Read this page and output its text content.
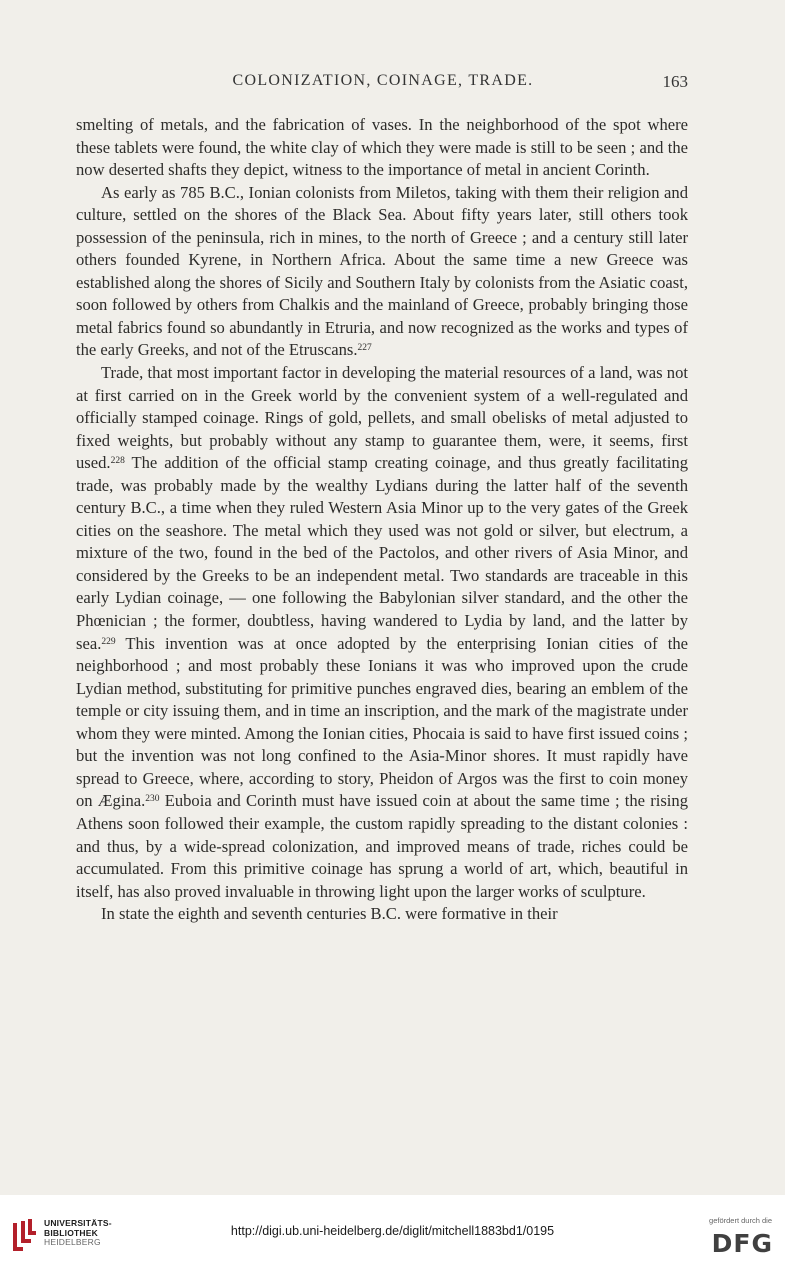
COLONIZATION, COINAGE, TRADE.	163

smelting of metals, and the fabrication of vases. In the neighborhood of the spot where these tablets were found, the white clay of which they were made is still to be seen ; and the now deserted shafts they depict, witness to the importance of metal in ancient Corinth.

As early as 785 B.C., Ionian colonists from Miletos, taking with them their religion and culture, settled on the shores of the Black Sea. About fifty years later, still others took possession of the peninsula, rich in mines, to the north of Greece ; and a century still later others founded Kyrene, in Northern Africa. About the same time a new Greece was established along the shores of Sicily and Southern Italy by colonists from the Asiatic coast, soon followed by others from Chalkis and the mainland of Greece, probably bringing those metal fabrics found so abundantly in Etruria, and now recognized as the works and types of the early Greeks, and not of the Etruscans.$^{227}$

Trade, that most important factor in developing the material resources of a land, was not at first carried on in the Greek world by the convenient system of a well-regulated and officially stamped coinage. Rings of gold, pellets, and small obelisks of metal adjusted to fixed weights, but probably without any stamp to guarantee them, were, it seems, first used.$^{228}$ The addition of the official stamp creating coinage, and thus greatly facilitating trade, was probably made by the wealthy Lydians during the latter half of the seventh century B.C., a time when they ruled Western Asia Minor up to the very gates of the Greek cities on the seashore. The metal which they used was not gold or silver, but electrum, a mixture of the two, found in the bed of the Pactolos, and other rivers of Asia Minor, and considered by the Greeks to be an independent metal. Two standards are traceable in this early Lydian coinage, — one following the Babylonian silver standard, and the other the Phœnician ; the former, doubtless, having wandered to Lydia by land, and the latter by sea.$^{229}$ This invention was at once adopted by the enterprising Ionian cities of the neighborhood ; and most probably these Ionians it was who improved upon the crude Lydian method, substituting for primitive punches engraved dies, bearing an emblem of the temple or city issuing them, and in time an inscription, and the mark of the magistrate under whom they were minted. Among the Ionian cities, Phocaia is said to have first issued coins ; but the invention was not long confined to the Asia-Minor shores. It must rapidly have spread to Greece, where, according to story, Pheidon of Argos was the first to coin money on Ægina.$^{230}$ Euboia and Corinth must have issued coin at about the same time ; the rising Athens soon followed their example, the custom rapidly spreading to the distant colonies : and thus, by a wide-spread colonization, and improved means of trade, riches could be accumulated. From this primitive coinage has sprung a world of art, which, beautiful in itself, has also proved invaluable in throwing light upon the larger works of sculpture.

In state the eighth and seventh centuries B.C. were formative in their

UNIVERSITÄTS-
BIBLIOTHEK
HEIDELBERG
http://digi.ub.uni-heidelberg.de/diglit/mitchell1883bd1/0195
gefördert durch die
DFG
